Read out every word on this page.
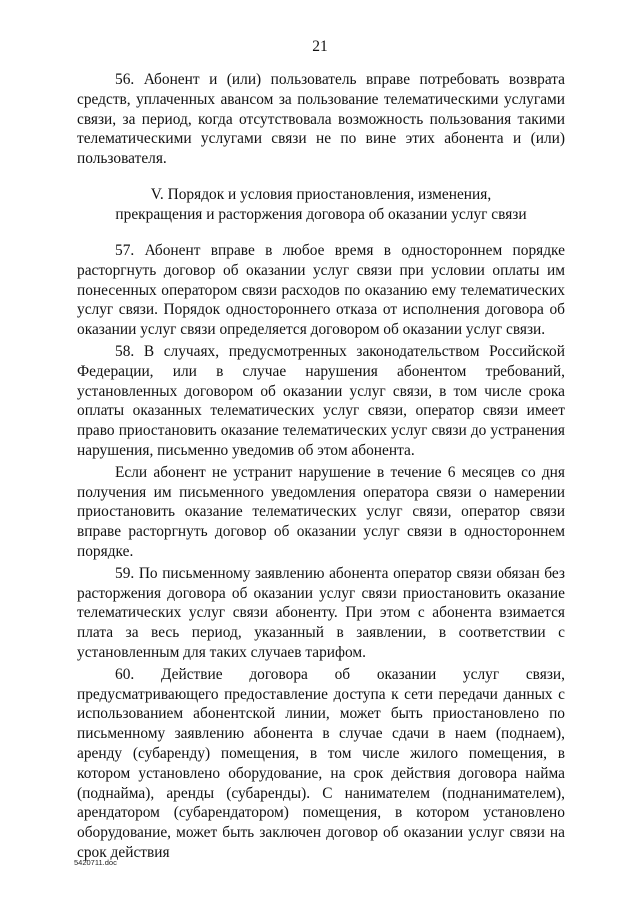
21

56. Абонент и (или) пользователь вправе потребовать возврата средств, уплаченных авансом за пользование телематическими услугами связи, за период, когда отсутствовала возможность пользования такими телематическими услугами связи не по вине этих абонента и (или) пользователя.

V. Порядок и условия приостановления, изменения,
прекращения и расторжения договора об оказании услуг связи

57. Абонент вправе в любое время в одностороннем порядке расторгнуть договор об оказании услуг связи при условии оплаты им понесенных оператором связи расходов по оказанию ему телематических услуг связи. Порядок одностороннего отказа от исполнения договора об оказании услуг связи определяется договором об оказании услуг связи.

58. В случаях, предусмотренных законодательством Российской Федерации, или в случае нарушения абонентом требований, установленных договором об оказании услуг связи, в том числе срока оплаты оказанных телематических услуг связи, оператор связи имеет право приостановить оказание телематических услуг связи до устранения нарушения, письменно уведомив об этом абонента.

Если абонент не устранит нарушение в течение 6 месяцев со дня получения им письменного уведомления оператора связи о намерении приостановить оказание телематических услуг связи, оператор связи вправе расторгнуть договор об оказании услуг связи в одностороннем порядке.

59. По письменному заявлению абонента оператор связи обязан без расторжения договора об оказании услуг связи приостановить оказание телематических услуг связи абоненту. При этом с абонента взимается плата за весь период, указанный в заявлении, в соответствии с установленным для таких случаев тарифом.

60. Действие договора об оказании услуг связи, предусматривающего предоставление доступа к сети передачи данных с использованием абонентской линии, может быть приостановлено по письменному заявлению абонента в случае сдачи в наем (поднаем), аренду (субаренду) помещения, в том числе жилого помещения, в котором установлено оборудование, на срок действия договора найма (поднайма), аренды (субаренды). С нанимателем (поднанимателем), арендатором (субарендатором) помещения, в котором установлено оборудование, может быть заключен договор об оказании услуг связи на срок действия

5420711.doc
